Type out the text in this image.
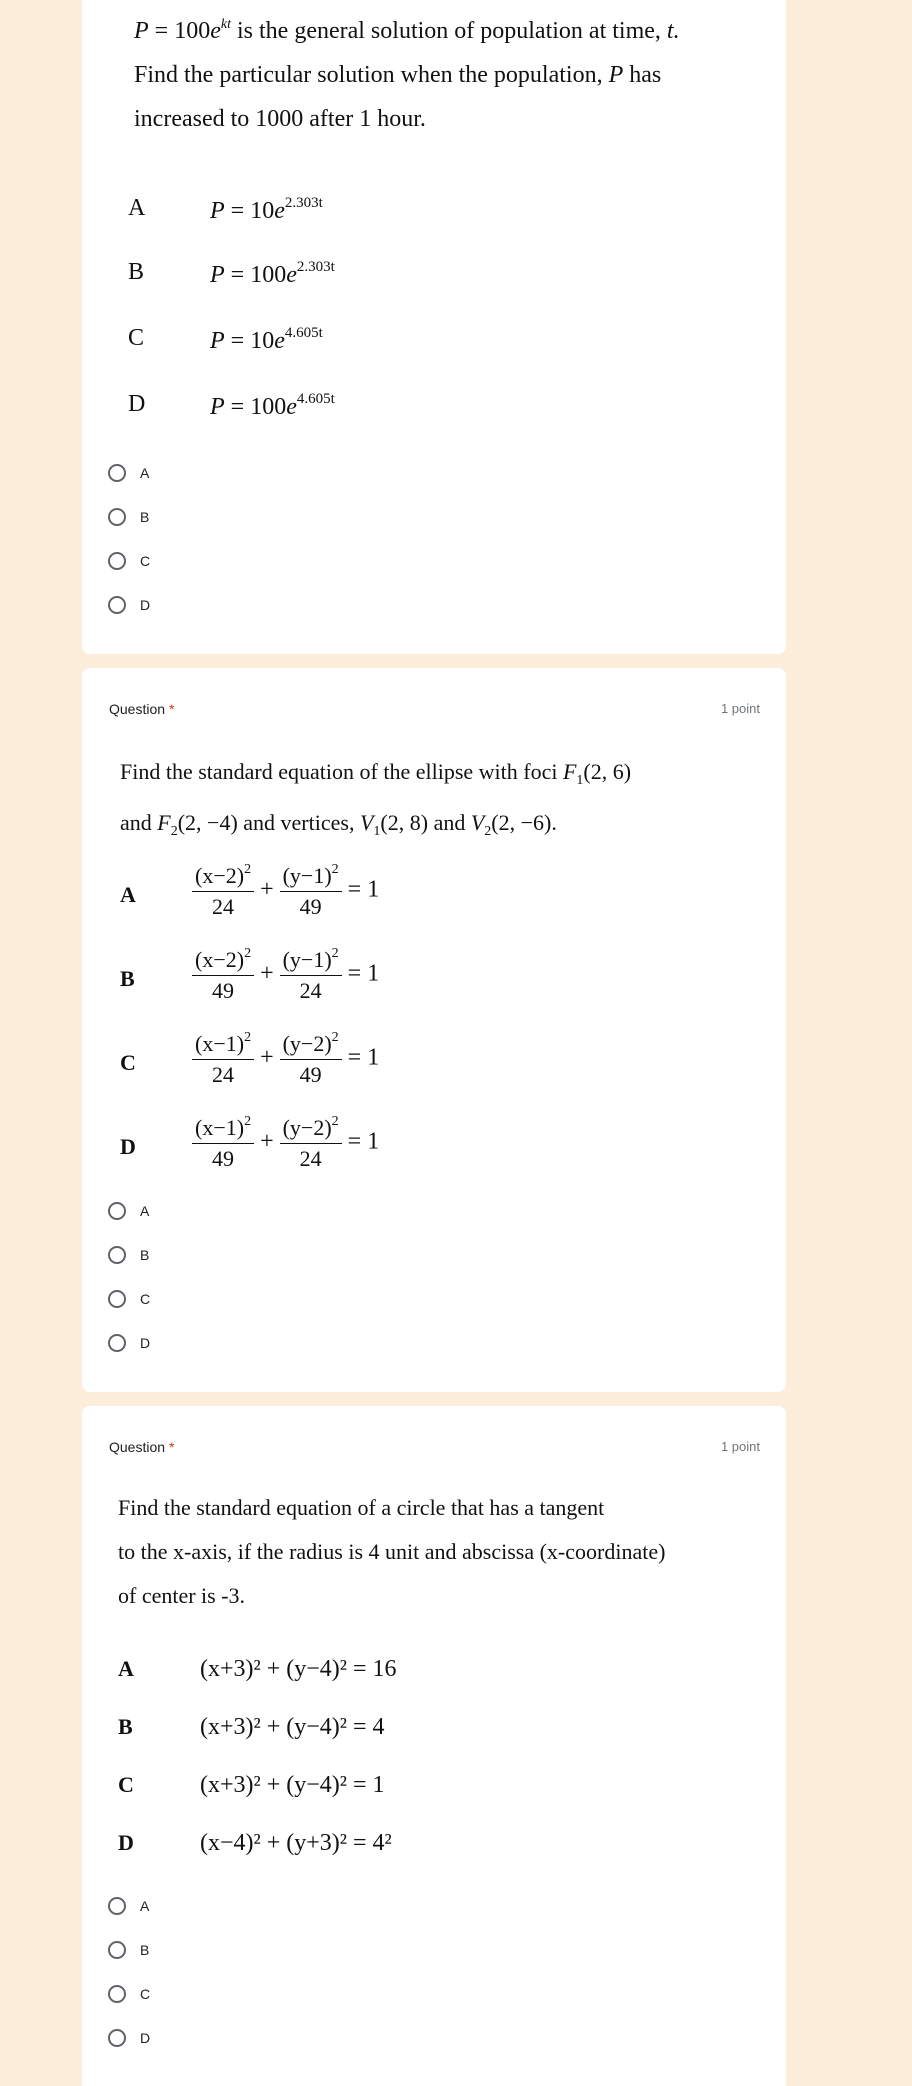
$P = 100e^{kt}$ is the general solution of population at time, t.

Find the particular solution when the population, P has

increased to 1000 after 1 hour.

A	$P = 10e^{2.303t}$
B	$P = 100e^{2.303t}$
C	$P = 10e^{4.605t}$
D	$P = 100e^{4.605t}$
A
B
C
D
Question *	1 point

Find the standard equation of the ellipse with foci $F_1(2$, 6)

and $F_2(2$, −4) and vertices, $V_1(2$, 8) and $V_2(2$, −6).

A	$\frac{(x-2)^2}{24} + \frac{(y-1)^2}{49} = 1$
B	$\frac{(x-2)^2}{49} + \frac{(y-1)^2}{24} = 1$
C	$\frac{(x-1)^2}{24} + \frac{(y-2)^2}{49} = 1$
D	$\frac{(x-1)^2}{49} + \frac{(y-2)^2}{24} = 1$
A
B
C
D
Question *	1 point

Find the standard equation of a circle that has a tangent

to the x-axis, if the radius is 4 unit and abscissa (x-coordinate)

of center is -3.

A	(x+3)² + (y−4)² = 16
B	(x+3)² + (y−4)² = 4
C	(x+3)² + (y−4)² = 1
D	(x−4)² + (y+3)² = 4²
A
B
C
D
